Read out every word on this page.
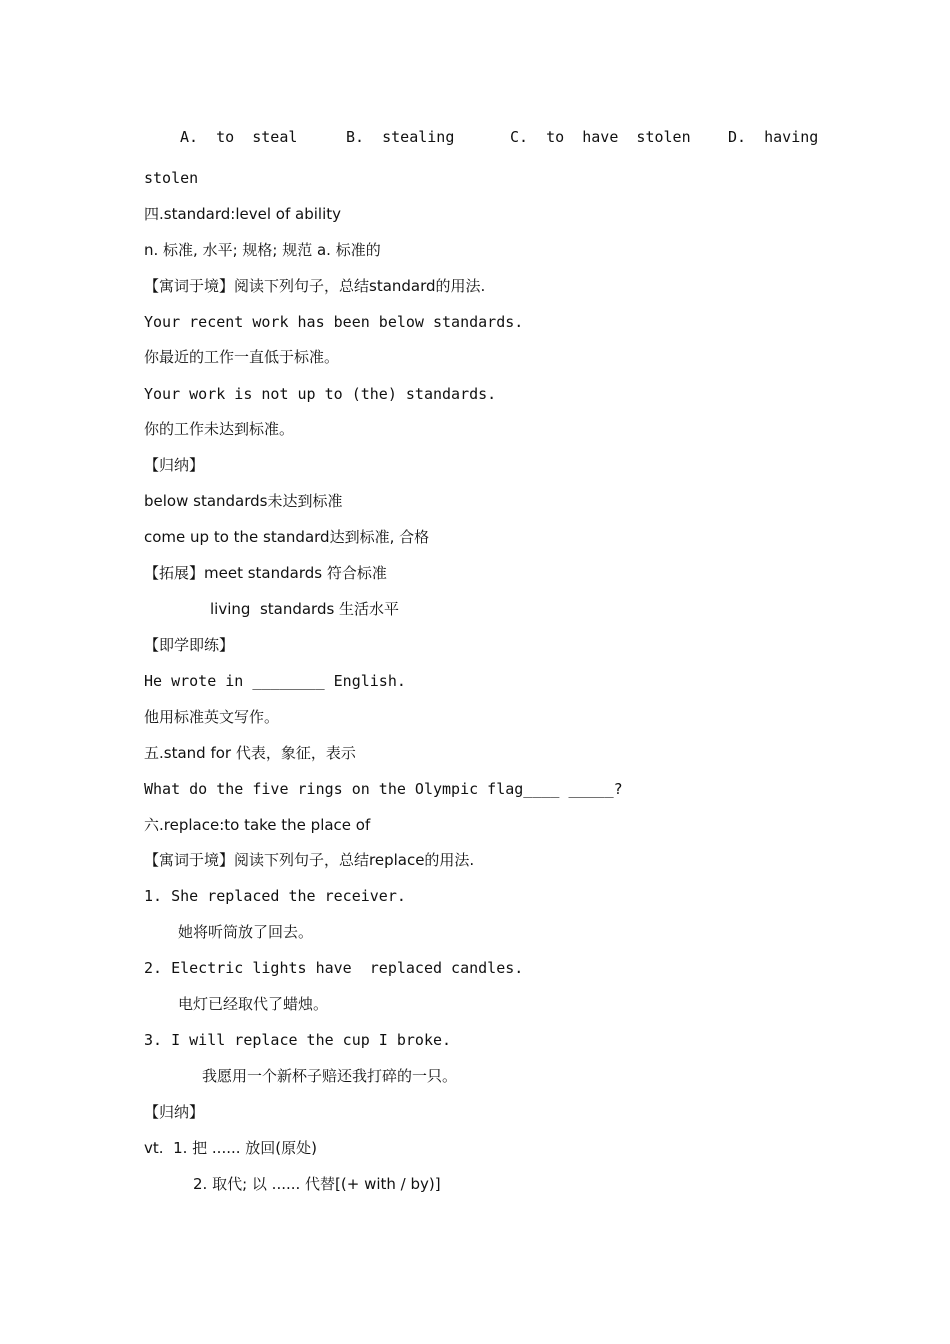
A.  to  steal	B.  stealing	C.  to  have  stolen D.  having
stolen
四.standard:level of ability
n. 标准, 水平; 规格; 规范 a. 标准的
【寓词于境】阅读下列句子，总结standard的用法.
Your recent work has been below standards.
你最近的工作一直低于标准。
Your work is not up to (the) standards.
你的工作未达到标准。
【归纳】
below standards未达到标准
come up to the standard达到标准, 合格
【拓展】meet standards 符合标准
living  standards 生活水平
【即学即练】
He wrote in ________ English.
他用标准英文写作。
五.stand for 代表，象征，表示
What do the five rings on the Olympic flag____ _____?
六.replace:to take the place of
【寓词于境】阅读下列句子，总结replace的用法.
1. She replaced the receiver.
她将听筒放了回去。
2. Electric lights have  replaced candles.
电灯已经取代了蜡烛。
3. I will replace the cup I broke.
我愿用一个新杯子赔还我打碎的一只。
【归纳】
vt.  1. 把 ...... 放回(原处)
2. 取代; 以 ...... 代替[(+ with / by)]
